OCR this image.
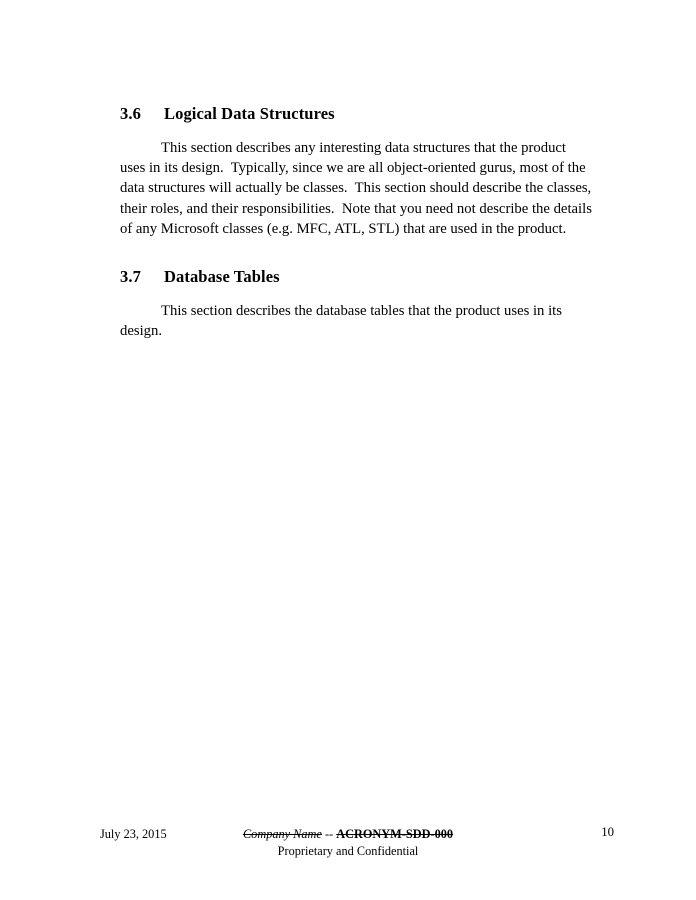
3.6	Logical Data Structures

This section describes any interesting data structures that the product uses in its design.  Typically, since we are all object-oriented gurus, most of the data structures will actually be classes.  This section should describe the classes, their roles, and their responsibilities.  Note that you need not describe the details of any Microsoft classes (e.g. MFC, ATL, STL) that are used in the product.

3.7	Database Tables

This section describes the database tables that the product uses in its design.

July 23, 2015	Company Name -- ACRONYM-SDD-000	10
Proprietary and Confidential
